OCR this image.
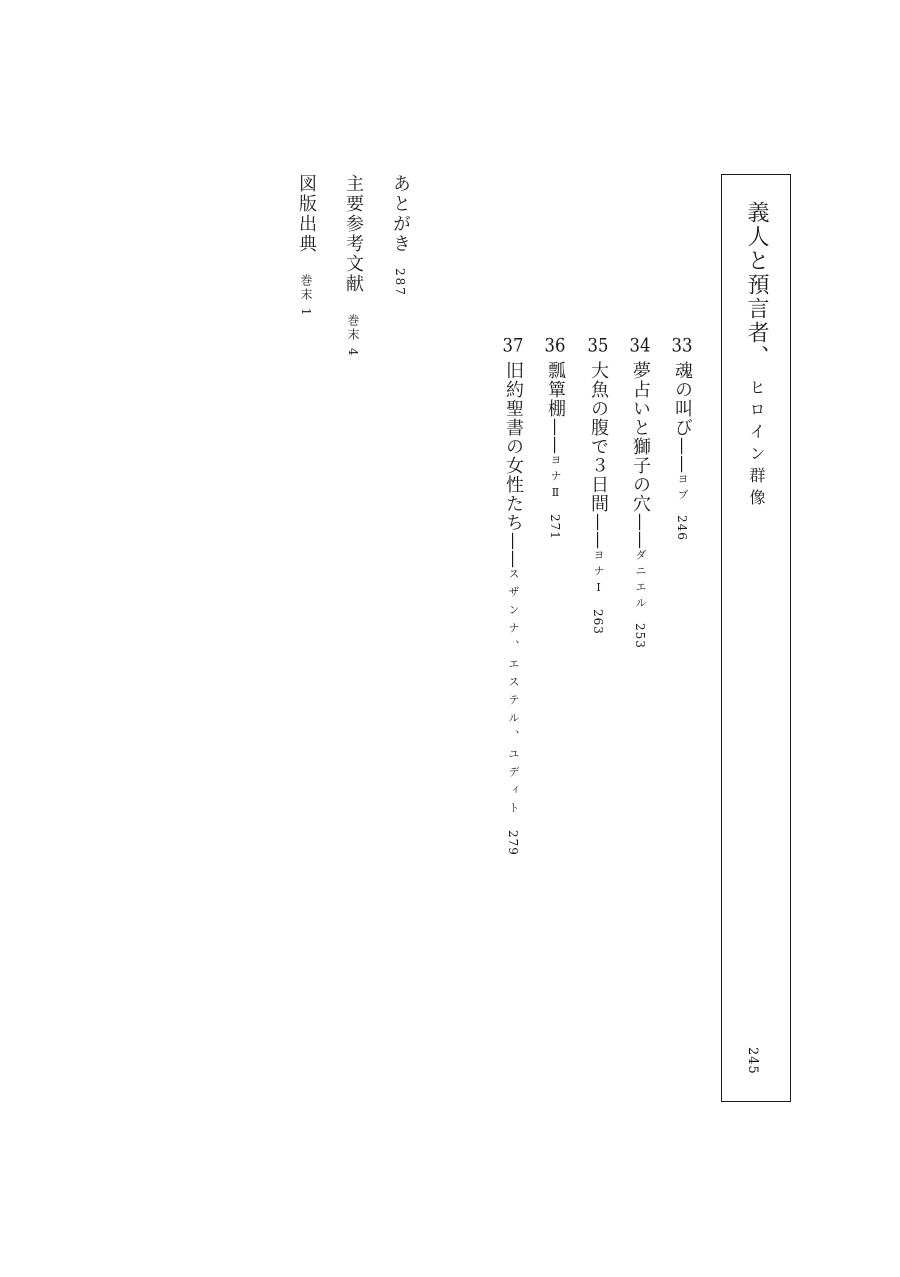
義人と預言者、ヒロイン群像
245
33魂の叫び——ヨブ246
34夢占いと獅子の穴——ダニエル253
35大魚の腹で３日間——ヨナⅠ263
36瓢簞棚——ヨナⅡ271
37旧約聖書の女性たち——スザンナ、エステル、ユディト279
あとがき287
主要参考文献巻末 4
図版出典巻末 1
